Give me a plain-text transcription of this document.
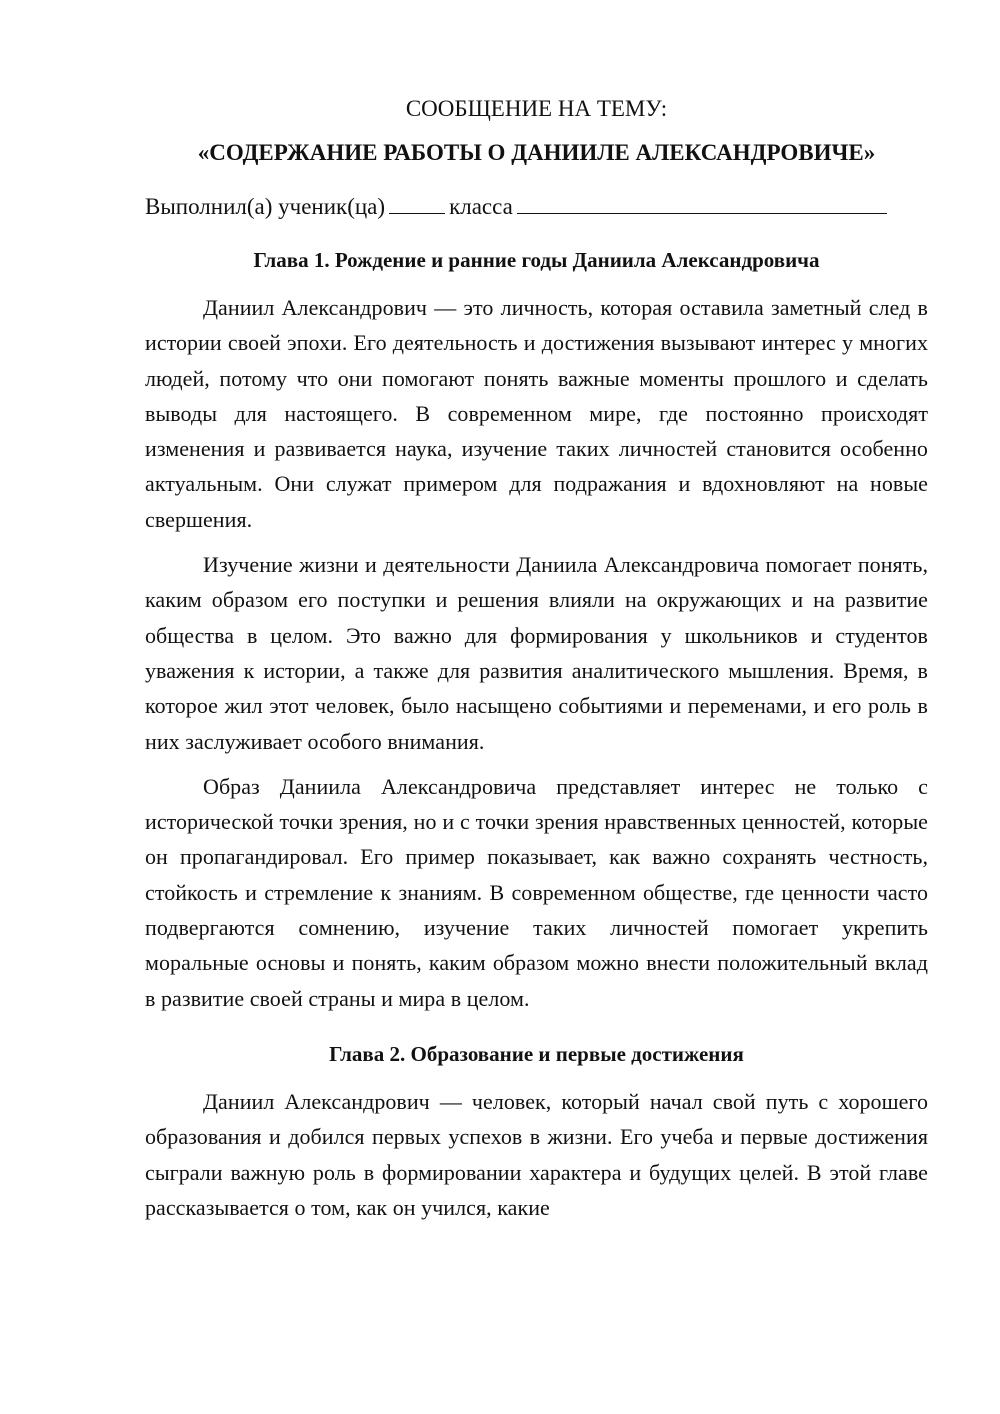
СООБЩЕНИЕ НА ТЕМУ:
«СОДЕРЖАНИЕ РАБОТЫ О ДАНИИЛЕ АЛЕКСАНДРОВИЧЕ»
Выполнил(а) ученик(ца)	класса
Глава 1. Рождение и ранние годы Даниила Александровича

Даниил Александрович — это личность, которая оставила заметный след в истории своей эпохи. Его деятельность и достижения вызывают интерес у многих людей, потому что они помогают понять важные моменты прошлого и сделать выводы для настоящего. В современном мире, где постоянно происходят изменения и развивается наука, изучение таких личностей становится особенно актуальным. Они служат примером для подражания и вдохновляют на новые свершения.

Изучение жизни и деятельности Даниила Александровича помогает понять, каким образом его поступки и решения влияли на окружающих и на развитие общества в целом. Это важно для формирования у школьников и студентов уважения к истории, а также для развития аналитического мышления. Время, в которое жил этот человек, было насыщено событиями и переменами, и его роль в них заслуживает особого внимания.

Образ Даниила Александровича представляет интерес не только с исторической точки зрения, но и с точки зрения нравственных ценностей, которые он пропагандировал. Его пример показывает, как важно сохранять честность, стойкость и стремление к знаниям. В современном обществе, где ценности часто подвергаются сомнению, изучение таких личностей помогает укрепить моральные основы и понять, каким образом можно внести положительный вклад в развитие своей страны и мира в целом.

Глава 2. Образование и первые достижения

Даниил Александрович — человек, который начал свой путь с хорошего образования и добился первых успехов в жизни. Его учеба и первые достижения сыграли важную роль в формировании характера и будущих целей. В этой главе рассказывается о том, как он учился, какие
